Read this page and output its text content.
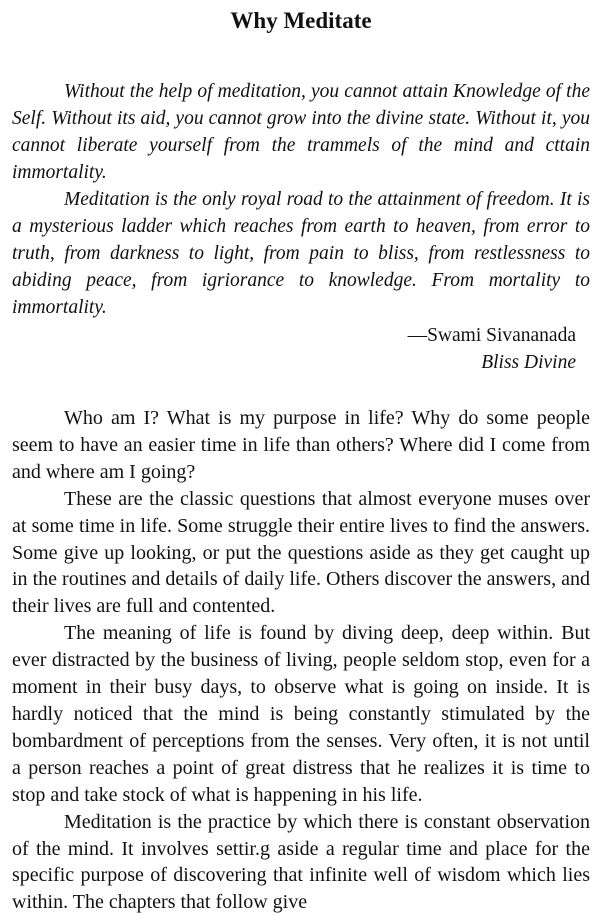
Why Meditate

Without the help of meditation, you cannot attain Knowledge of the Self. Without its aid, you cannot grow into the divine state. Without it, you cannot liberate yourself from the trammels of the mind and сttain immortality.

Meditation is the only royal road to the attainment of freedom. It is a mysterious ladder which reaches from earth to heaven, from error to truth, from darkness to light, from pain to bliss, from restlessness to abiding peace, from igriorance to knowledge. From mortality to immortality.

—Swami Sivananada
Bliss Divine

Who am I? What is my purpose in life? Why do some people seem to have an easier time in life than others? Where did I come from and where am I going?

These are the classic questions that almost everyone muses over at some time in life. Some struggle their entire lives to find the answers. Some give up looking, or put the questions aside as they get caught up in the routines and details of daily life. Others discover the answers, and their lives are full and contented.

The meaning of life is found by diving deep, deep within. But ever distracted by the business of living, people seldom stop, even for a moment in their busy days, to observe what is going on inside. It is hardly noticed that the mind is being constantly stimulated by the bombardment of perceptions from the senses. Very often, it is not until a person reaches a point of great distress that he realizes it is time to stop and take stock of what is happening in his life.

Meditation is the practice by which there is constant observation of the mind. It involves settir.g aside a regular time and place for the specific purpose of discovering that infinite well of wisdom which lies within. The chapters that follow give
